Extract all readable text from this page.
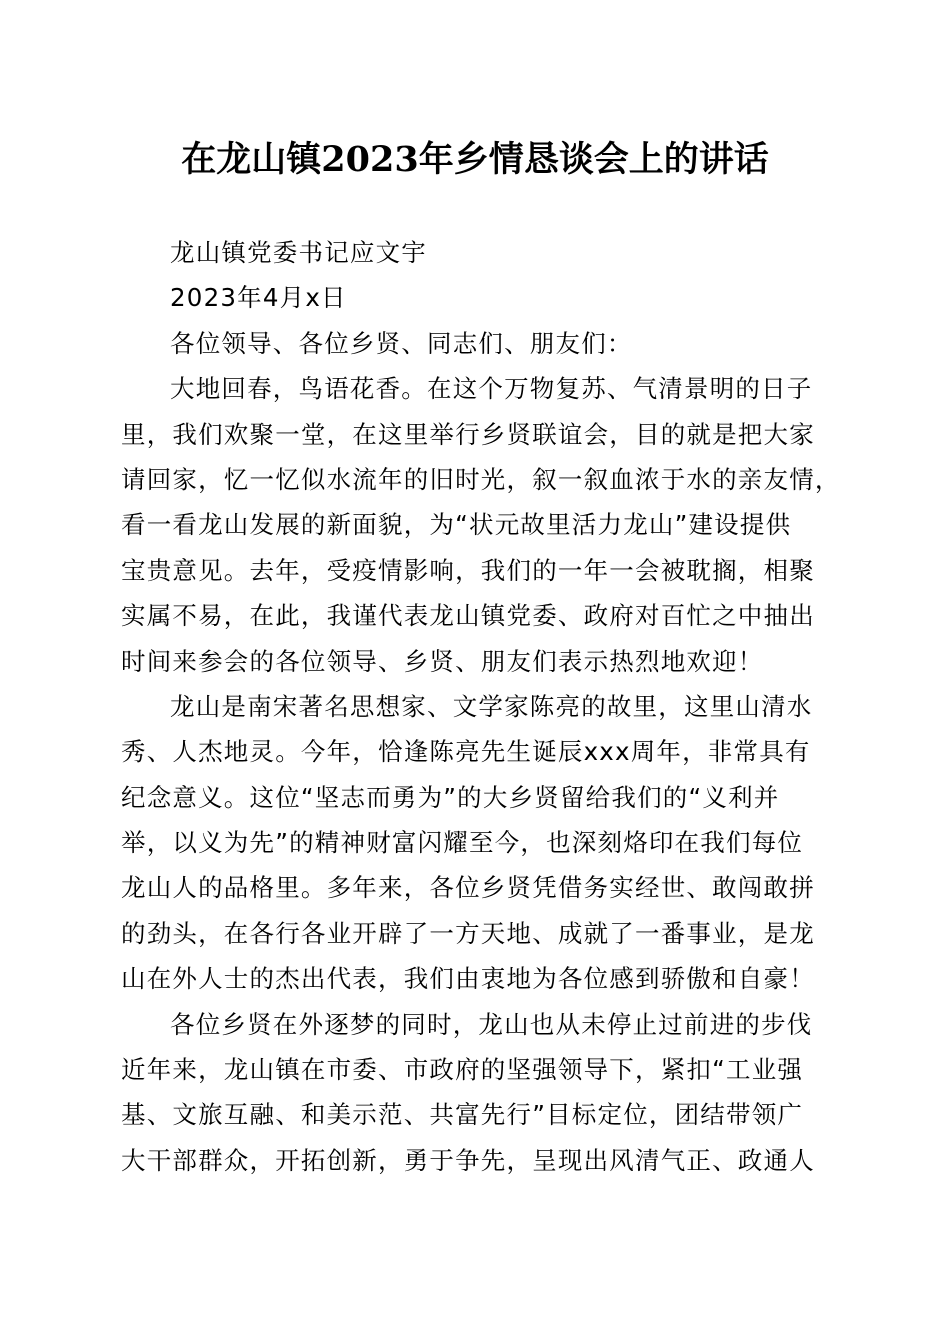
在龙山镇2023年乡情恳谈会上的讲话
龙山镇党委书记应文宇
2023年4月x日
各位领导、各位乡贤、同志们、朋友们：
大地回春，鸟语花香。在这个万物复苏、气清景明的日子
里，我们欢聚一堂，在这里举行乡贤联谊会，目的就是把大家
请回家，忆一忆似水流年的旧时光，叙一叙血浓于水的亲友情，
看一看龙山发展的新面貌，为“状元故里活力龙山”建设提供
宝贵意见。去年，受疫情影响，我们的一年一会被耽搁，相聚
实属不易，在此，我谨代表龙山镇党委、政府对百忙之中抽出
时间来参会的各位领导、乡贤、朋友们表示热烈地欢迎！
龙山是南宋著名思想家、文学家陈亮的故里，这里山清水
秀、人杰地灵。今年，恰逢陈亮先生诞辰xxx周年，非常具有
纪念意义。这位“坚志而勇为”的大乡贤留给我们的“义利并
举，以义为先”的精神财富闪耀至今，也深刻烙印在我们每位
龙山人的品格里。多年来，各位乡贤凭借务实经世、敢闯敢拼
的劲头，在各行各业开辟了一方天地、成就了一番事业，是龙
山在外人士的杰出代表，我们由衷地为各位感到骄傲和自豪！
各位乡贤在外逐梦的同时，龙山也从未停止过前进的步伐
近年来，龙山镇在市委、市政府的坚强领导下，紧扣“工业强
基、文旅互融、和美示范、共富先行”目标定位，团结带领广
大干部群众，开拓创新，勇于争先，呈现出风清气正、政通人
